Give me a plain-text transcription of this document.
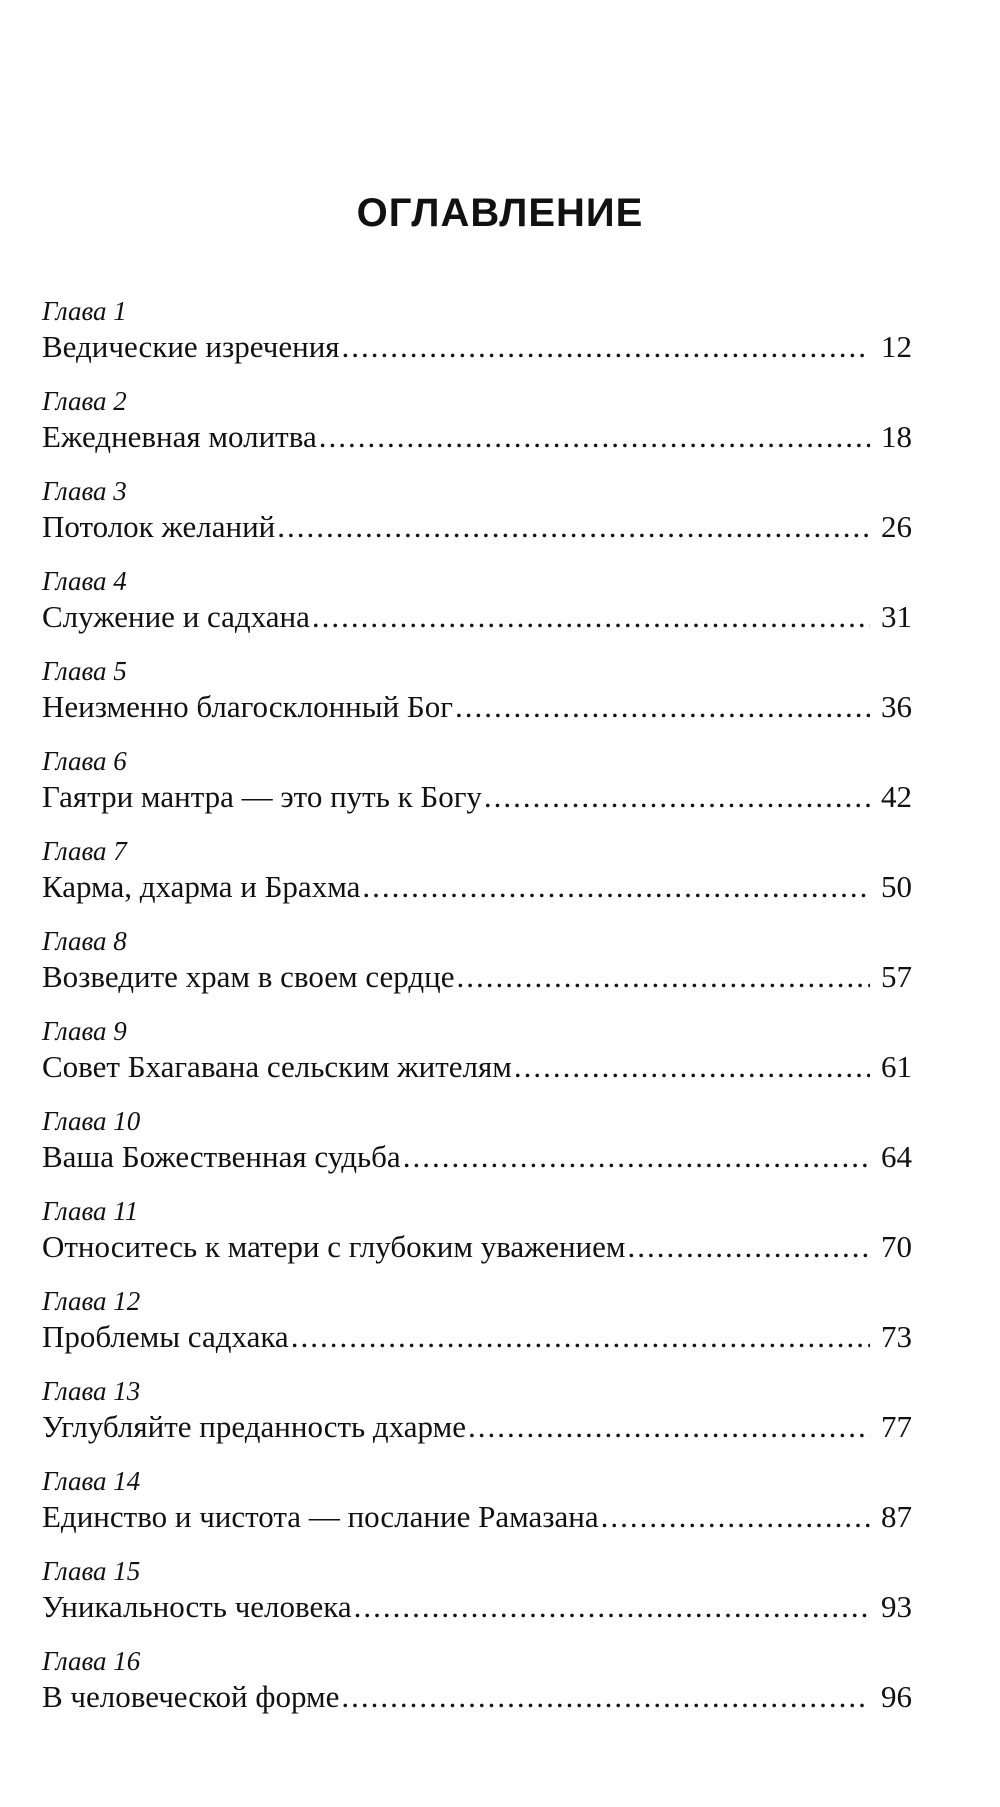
ОГЛАВЛЕНИЕ
Глава 1
Ведические изречения .....	12
Глава 2
Ежедневная молитва .....	18
Глава 3
Потолок желаний .....	26
Глава 4
Служение и садхана .....	31
Глава 5
Неизменно благосклонный Бог .....	36
Глава 6
Гаятри мантра — это путь к Богу .....	42
Глава 7
Карма, дхарма и Брахма .....	50
Глава 8
Возведите храм в своем сердце .....	57
Глава 9
Совет Бхагавана сельским жителям .....	61
Глава 10
Ваша Божественная судьба .....	64
Глава 11
Относитесь к матери с глубоким уважением .....	70
Глава 12
Проблемы садхака .....	73
Глава 13
Углубляйте преданность дхарме .....	77
Глава 14
Единство и чистота — послание Рамазана .....	87
Глава 15
Уникальность человека .....	93
Глава 16
В человеческой форме .....	96
